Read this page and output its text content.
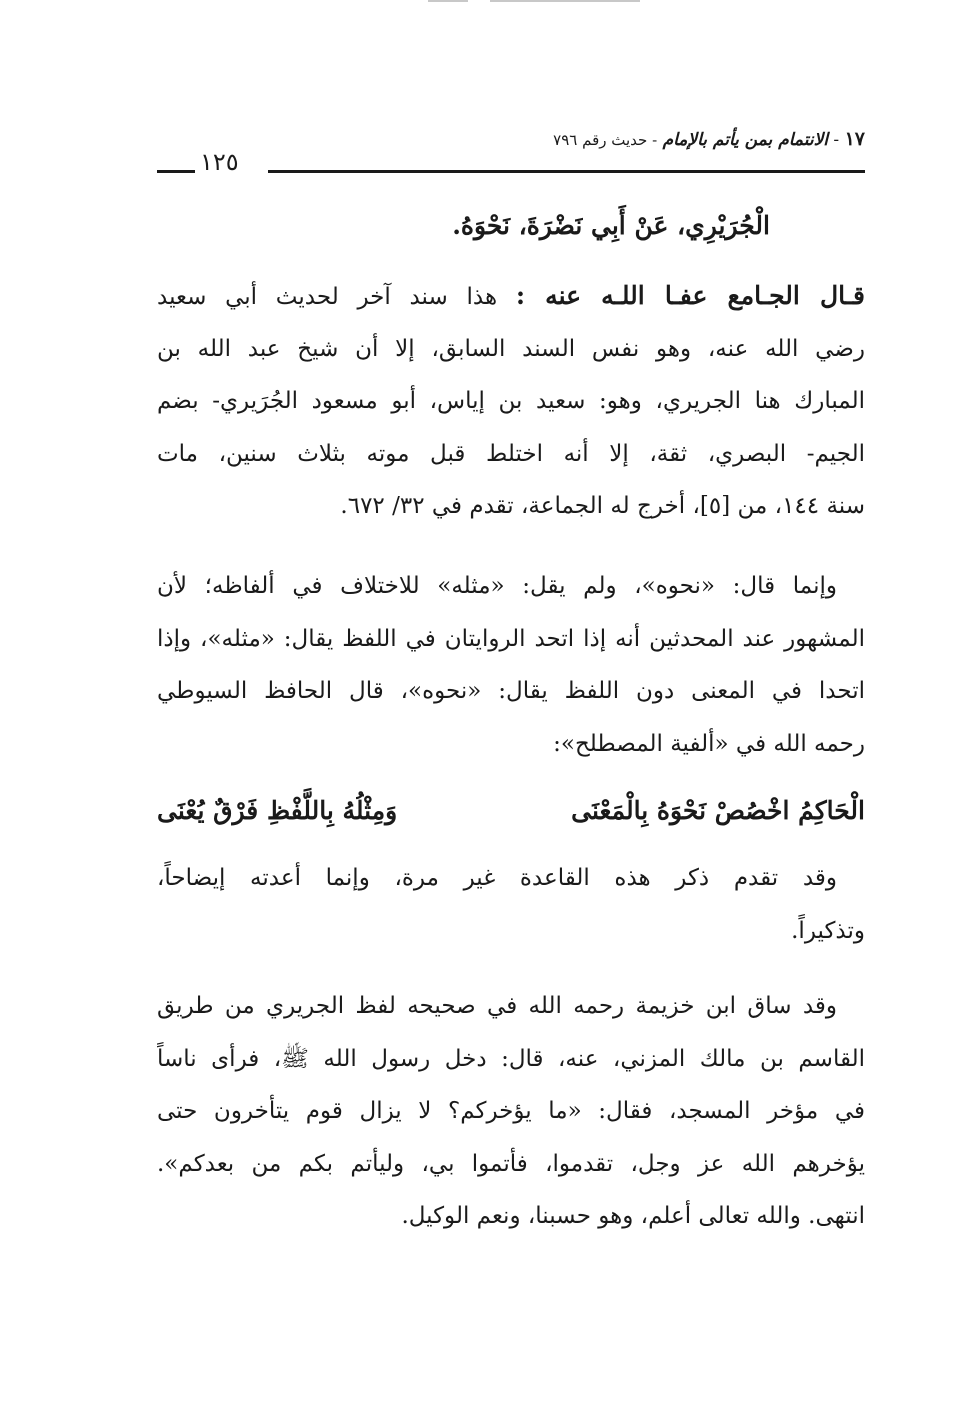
١٧ - الانتمام بمن يأتم بالإمام - حديث رقم ٧٩٦
١٢٥
الْجُرَيْرِي، عَنْ أَبِي نَضْرَةَ، نَحْوَهُ.
قـال الجـامع عفـا اللـه عنه : هذا سند آخر لحديث أبي سعيد
رضي الله عنه، وهو نفس السند السابق، إلا أن شيخ عبد الله بن
المبارك هنا الجريري، وهو: سعيد بن إياس، أبو مسعود الجُرَيري- بضم
الجيم- البصري، ثقة، إلا أنه اختلط قبل موته بثلاث سنين، مات
سنة ١٤٤، من [٥]، أخرج له الجماعة، تقدم في ٣٢/ ٦٧٢.
وإنما قال: «نحوه»، ولم يقل: «مثله» للاختلاف في ألفاظه؛ لأن
المشهور عند المحدثين أنه إذا اتحد الروايتان في اللفظ يقال: «مثله»، وإذا
اتحدا في المعنى دون اللفظ يقال: «نحوه»، قال الحافظ السيوطي
رحمه الله في «ألفية المصطلح»:
الْحَاكِمُ اخْصُصْ نَحْوَهُ بِالْمَعْنَى
وَمِثْلُهُ بِاللَّفْظِ فَرْقٌ يُعْنَى
وقد تقدم ذكر هذه القاعدة غير مرة، وإنما أعدته إيضاحاً،
وتذكيراً.
وقد ساق ابن خزيمة رحمه الله في صحيحه لفظ الجريري من طريق
القاسم بن مالك المزني، عنه، قال: دخل رسول الله ﷺ، فرأى ناساً
في مؤخر المسجد، فقال: «ما يؤخركم؟ لا يزال قوم يتأخرون حتى
يؤخرهم الله عز وجل، تقدموا، فأتموا بي، وليأتم بكم من بعدكم».
انتهى. والله تعالى أعلم، وهو حسبنا، ونعم الوكيل.
